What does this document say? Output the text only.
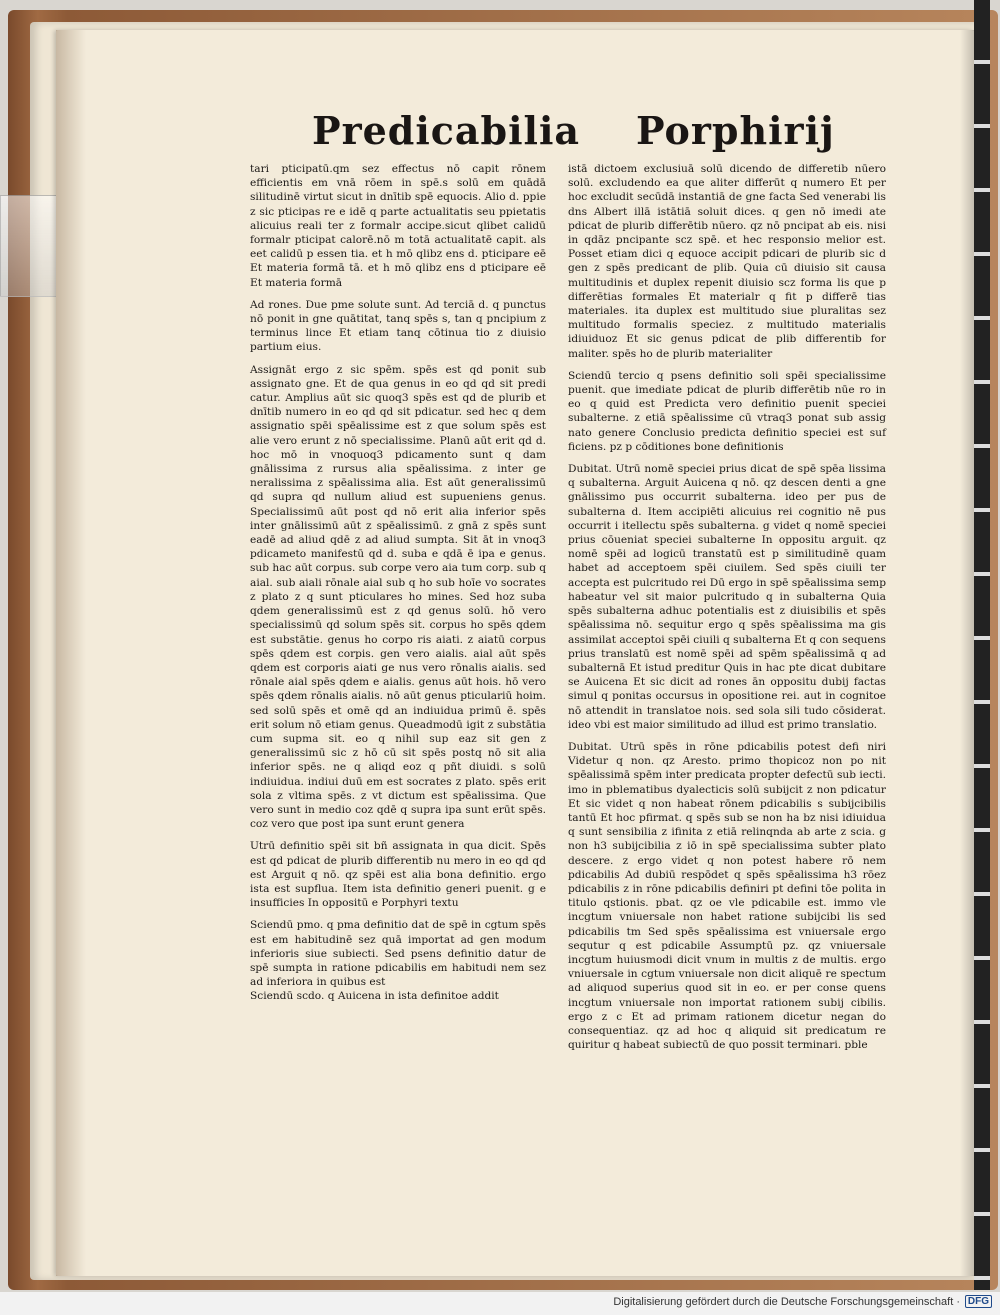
Predicabilia Porphirij

tari pticipatū.qm sez effectus nō capit rōnem efficientis em vnā rōem in spē.s solū em quādā silitudinē virtut sicut in dnītib spē equocis. Alio d. ppie z sic pticipas re e idē q parte actualitatis seu ppietatis alicuius reali ter z formalr accipe.sicut qlibet calidū formalr pticipat calorē.nō m totā actualitatē capit. als eet calidū p essen tia. et h mō qlibz ens d. pticipare eē Et materia formā tā. et h mō qlibz ens d pticipare eē Et materia formā

Ad rones. Due pme solute sunt. Ad terciā d. q punctus nō ponit in gne quātitat, tanq spēs s, tan q pncipium z terminus lince Et etiam tanq cōtinua tio z diuisio partium eius.

Assignāt ergo z sic spēm. spēs est qd ponit sub assignato gne. Et de qua genus in eo qd qd sit predi catur. Amplius aūt sic quoq3 spēs est qd de plurib et dnītib numero in eo qd qd sit pdicatur. sed hec q dem assignatio spēi spēalissime est z que solum spēs est alie vero erunt z nō specialissime. Planū aūt erit qd d. hoc mō in vnoquoq3 pdicamento sunt q dam gnālissima z rursus alia spēalissima. z inter ge neralissima z spēalissima alia. Est aūt generalissimū qd supra qd nullum aliud est supueniens genus. Specialissimū aūt post qd nō erit alia inferior spēs inter gnālissimū aūt z spēalissimū. z gnā z spēs sunt eadē ad aliud qdē z ad aliud sumpta. Sit āt in vnoq3 pdicameto manifestū qd d. suba e qdā ē ipa e genus. sub hac aūt corpus. sub corpe vero aia tum corp. sub q aial. sub aiali rōnale aial sub q ho sub hoīe vo socrates z plato z q sunt pticulares ho mines. Sed hoz suba qdem generalissimū est z qd genus solū. hō vero specialissimū qd solum spēs sit. corpus ho spēs qdem est substātie. genus ho corpo ris aiati. z aiatū corpus spēs qdem est corpis. gen vero aialis. aial aūt spēs qdem est corporis aiati ge nus vero rōnalis aialis. sed rōnale aial spēs qdem e aialis. genus aūt hois. hō vero spēs qdem rōnalis aialis. nō aūt genus pticulariū hoim. sed solū spēs et omē qd an indiuidua primū ē. spēs erit solum nō etiam genus. Queadmodū igit z substātia cum supma sit. eo q nihil sup eaz sit gen z generalissimū sic z hō cū sit spēs postq nō sit alia inferior spēs. ne q aliqd eoz q pñt diuidi. s solū indiuidua. indiui duū em est socrates z plato. spēs erit sola z vltima spēs. z vt dictum est spēalissima. Que vero sunt in medio coz qdē q supra ipa sunt erūt spēs. coz vero que post ipa sunt erunt genera

Utrū definitio spēi sit bñ assignata in qua dicit. Spēs est qd pdicat de plurib differentib nu mero in eo qd qd est Arguit q nō. qz spēi est alia bona definitio. ergo ista est supflua. Item ista definitio generi puenit. g e insufficies In oppositū e Porphyri textu

Sciendū pmo. q pma definitio dat de spē in cgtum spēs est em habitudinē sez quā importat ad gen modum inferioris siue subiecti. Sed psens definitio datur de spē sumpta in ratione pdicabilis em habitudi nem sez ad inferiora in quibus est

Sciendū scdo. q Auicena in ista definitoe addit

istā dictoem exclusiuā solū dicendo de differetib nūero solū. excludendo ea que aliter differūt q numero Et per hoc excludit secūdā instantiā de gne facta Sed venerabi lis dns Albert illā istātiā soluit dices. q gen nō imedi ate pdicat de plurib differētib nūero. qz nō pncipat ab eis. nisi in qdāz pncipante scz spē. et hec responsio melior est. Posset etiam dici q equoce accipit pdicari de plurib sic d gen z spēs predicant de plib. Quia cū diuisio sit causa multitudinis et duplex repenit diuisio scz forma lis que p differētias formales Et materialr q fit p differē tias materiales. ita duplex est multitudo siue pluralitas sez multitudo formalis speciez. z multitudo materialis idiuiduoz Et sic genus pdicat de plib differentib for maliter. spēs ho de plurib materialiter

Sciendū tercio q psens definitio soli spēi specialissime puenit. que imediate pdicat de plurib differētib nūe ro in eo q quid est Predicta vero definitio puenit speciei subalterne. z etiā spēalissime cū vtraq3 ponat sub assig nato genere Conclusio predicta definitio speciei est suf ficiens. pz p cōditiones bone definitionis

Dubitat. Utrū nomē speciei prius dicat de spē spēa lissima q subalterna. Arguit Auicena q nō. qz descen denti a gne gnālissimo pus occurrit subalterna. ideo per pus de subalterna d. Item accipiēti alicuius rei cognitio nē pus occurrit i itellectu spēs subalterna. g videt q nomē speciei prius cōueniat speciei subalterne In oppositu arguit. qz nomē spēi ad logicū transtatū est p similitudinē quam habet ad acceptoem spēi ciuilem. Sed spēs ciuili ter accepta est pulcritudo rei Dū ergo in spē spēalissima semp habeatur vel sit maior pulcritudo q in subalterna Quia spēs subalterna adhuc potentialis est z diuisibilis et spēs spēalissima nō. sequitur ergo q spēs spēalissima ma gis assimilat acceptoi spēi ciuili q subalterna Et q con sequens prius translatū est nomē spēi ad spēm spēalissimā q ad subalternā Et istud preditur Quis in hac pte dicat dubitare se Auicena Et sic dicit ad rones ān oppositu dubij factas simul q ponitas occursus in opositione rei. aut in cognitoe nō attendit in translatoe nois. sed sola sili tudo cōsiderat. ideo vbi est maior similitudo ad illud est primo translatio.

Dubitat. Utrū spēs in rōne pdicabilis potest defi niri Videtur q non. qz Aresto. primo thopicoz non po nit spēalissimā spēm inter predicata propter defectū sub iecti. imo in pblematibus dyalecticis solū subijcit z non pdicatur Et sic videt q non habeat rōnem pdicabilis s subijcibilis tantū Et hoc pfirmat. q spēs sub se non ha bz nisi idiuidua q sunt sensibilia z ifinita z etiā relinqnda ab arte z scia. g non h3 subijcibilia z iō in spē specialissima subter plato descere. z ergo videt q non potest habere rō nem pdicabilis Ad dubiū respōdet q spēs spēalissima h3 rōez pdicabilis z in rōne pdicabilis definiri pt defini tōe polita in titulo qstionis. pbat. qz oe vle pdicabile est. immo vle incgtum vniuersale non habet ratione subijcibi lis sed pdicabilis tm Sed spēs spēalissima est vniuersale ergo sequtur q est pdicabile Assumptū pz. qz vniuersale incgtum huiusmodi dicit vnum in multis z de multis. ergo vniuersale in cgtum vniuersale non dicit aliquē re spectum ad aliquod superius quod sit in eo. er per conse quens incgtum vniuersale non importat rationem subij cibilis. ergo z c Et ad primam rationem dicetur negan do consequentiaz. qz ad hoc q aliquid sit predicatum re quiritur q habeat subiectū de quo possit terminari. pble

Digitalisierung gefördert durch die Deutsche Forschungsgemeinschaft · DFG
